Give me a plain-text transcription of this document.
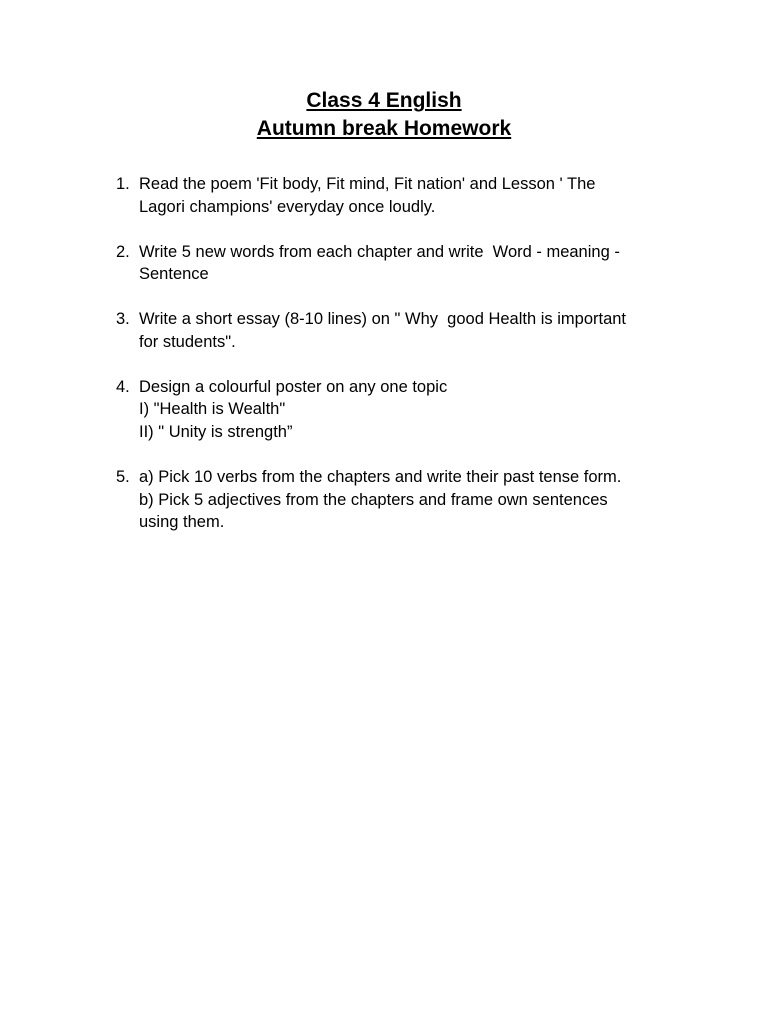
Class 4 English
Autumn break Homework
1. Read the poem 'Fit body, Fit mind, Fit nation' and Lesson ' The
Lagori champions' everyday once loudly.
2. Write 5 new words from each chapter and write  Word - meaning -
Sentence
3. Write a short essay (8-10 lines) on " Why  good Health is important
for students".
4. Design a colourful poster on any one topic
I) "Health is Wealth"
II) " Unity is strength”
5. a) Pick 10 verbs from the chapters and write their past tense form.
b) Pick 5 adjectives from the chapters and frame own sentences
using them.
